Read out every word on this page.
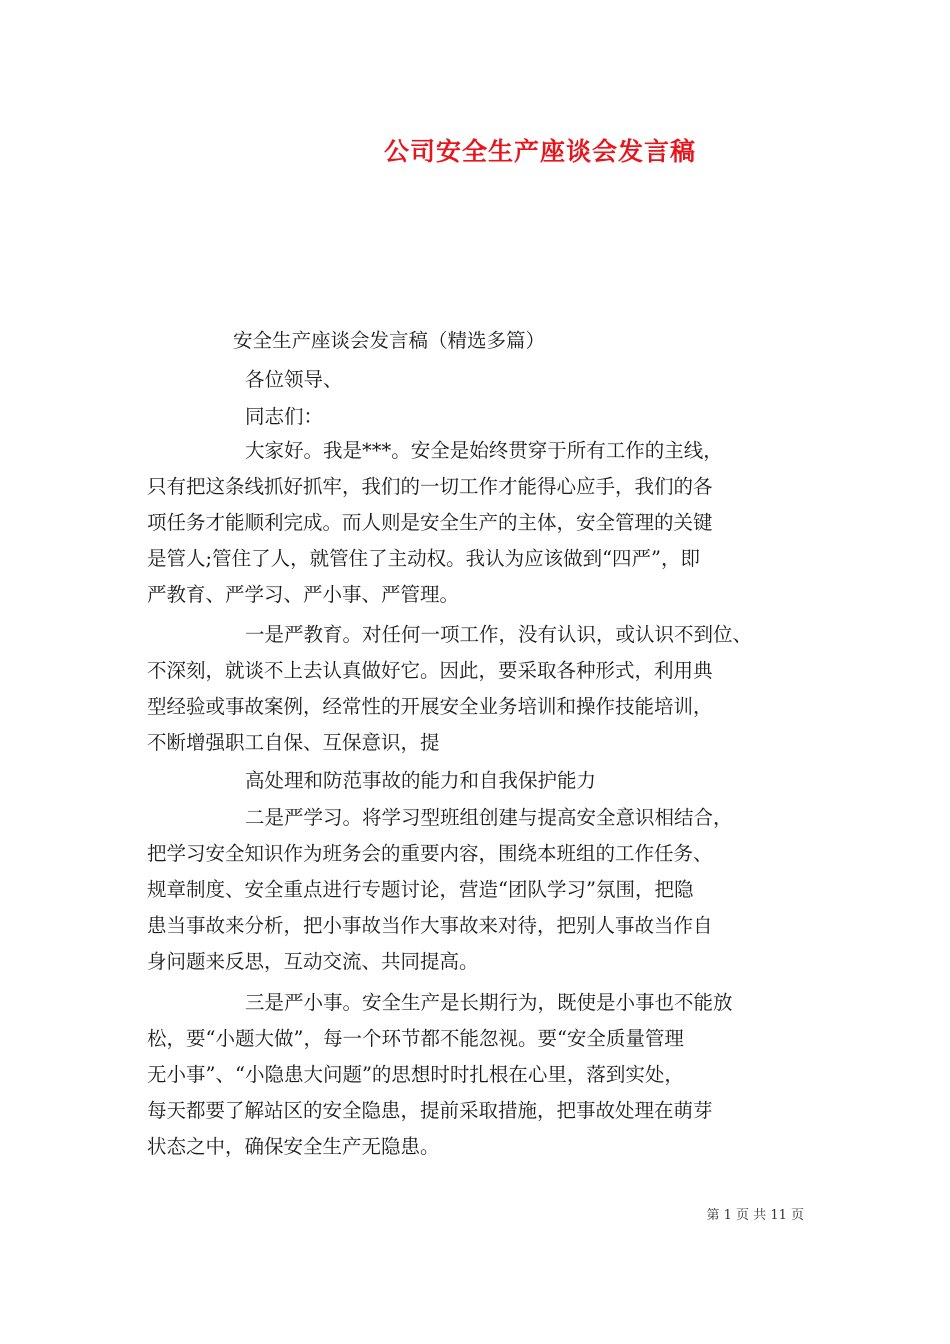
公司安全生产座谈会发言稿

安全生产座谈会发言稿（精选多篇）

各位领导、

同志们：

大家好。我是***。安全是始终贯穿于所有工作的主线，

只有把这条线抓好抓牢，我们的一切工作才能得心应手，我们的各

项任务才能顺利完成。而人则是安全生产的主体，安全管理的关键

是管人;管住了人，就管住了主动权。我认为应该做到“四严”，即

严教育、严学习、严小事、严管理。

一是严教育。对任何一项工作，没有认识，或认识不到位、

不深刻，就谈不上去认真做好它。因此，要采取各种形式，利用典

型经验或事故案例，经常性的开展安全业务培训和操作技能培训，

不断增强职工自保、互保意识，提

高处理和防范事故的能力和自我保护能力

二是严学习。将学习型班组创建与提高安全意识相结合，

把学习安全知识作为班务会的重要内容，围绕本班组的工作任务、

规章制度、安全重点进行专题讨论，营造“团队学习”氛围，把隐

患当事故来分析，把小事故当作大事故来对待，把别人事故当作自

身问题来反思，互动交流、共同提高。

三是严小事。安全生产是长期行为，既使是小事也不能放

松，要“小题大做”，每一个环节都不能忽视。要“安全质量管理

无小事”、“小隐患大问题”的思想时时扎根在心里，落到实处，

每天都要了解站区的安全隐患，提前采取措施，把事故处理在萌芽

状态之中，确保安全生产无隐患。

第 1 页 共 11 页
